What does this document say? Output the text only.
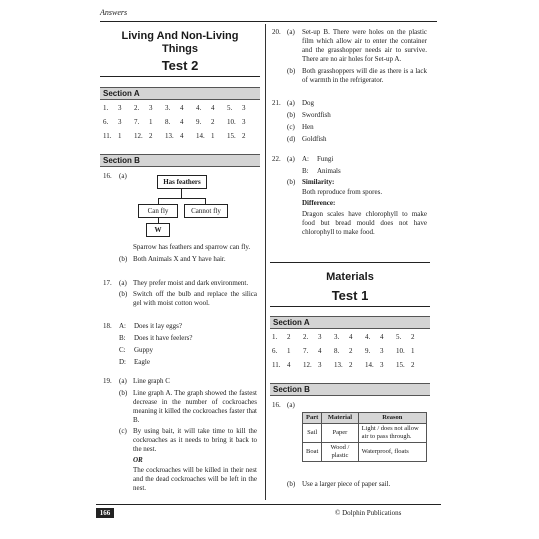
Answers
Living And Non-Living
Things
Test 2
Section A
1. 3 2. 3 3. 4 4. 4 5. 3
6. 3 7. 1 8. 4 9. 2 10. 3
11. 1 12. 2 13. 4 14. 1 15. 2
Section B
16. (a)
Has feathers
Can fly	Cannot fly
W
Sparrow has feathers and sparrow can fly.
(b) Both Animals X and Y have hair.
17. (a) They prefer moist and dark environment.
(b) Switch off the bulb and replace the silica gel with moist cotton wool.
18. A: Does it lay eggs?
B: Does it have feelers?
C: Guppy
D: Eagle
19. (a) Line graph C
(b) Line graph A. The graph showed the fastest decrease in the number of cockroaches meaning it killed the cockroaches faster that B.
(c) By using bait, it will take time to kill the cockroaches as it needs to bring it back to the nest.
OR
The cockroaches will be killed in their nest and the dead cockroaches will be left in the nest.
20. (a) Set-up B. There were holes on the plastic film which allow air to enter the container and the grasshopper needs air to survive. There are no air holes for Set-up A.
(b) Both grasshoppers will die as there is a lack of warmth in the refrigerator.
21. (a) Dog
(b) Swordfish
(c) Hen
(d) Goldfish
22. (a) A: Fungi
B: Animals
(b) Similarity:
Both reproduce from spores.
Difference:
Dragon scales have chlorophyll to make food but bread mould does not have chlorophyll to make food.
Materials
Test 1
Section A
1. 2 2. 3 3. 4 4. 4 5. 2
6. 1 7. 4 8. 2 9. 3 10. 1
11. 4 12. 3 13. 2 14. 3 15. 2
Section B
16. (a)
Part	Material	Reason
Sail	Paper	Light / does not allow air to pass through.
Boat	Wood / plastic	Waterproof, floats
(b) Use a larger piece of paper sail.
166	© Dolphin Publications
